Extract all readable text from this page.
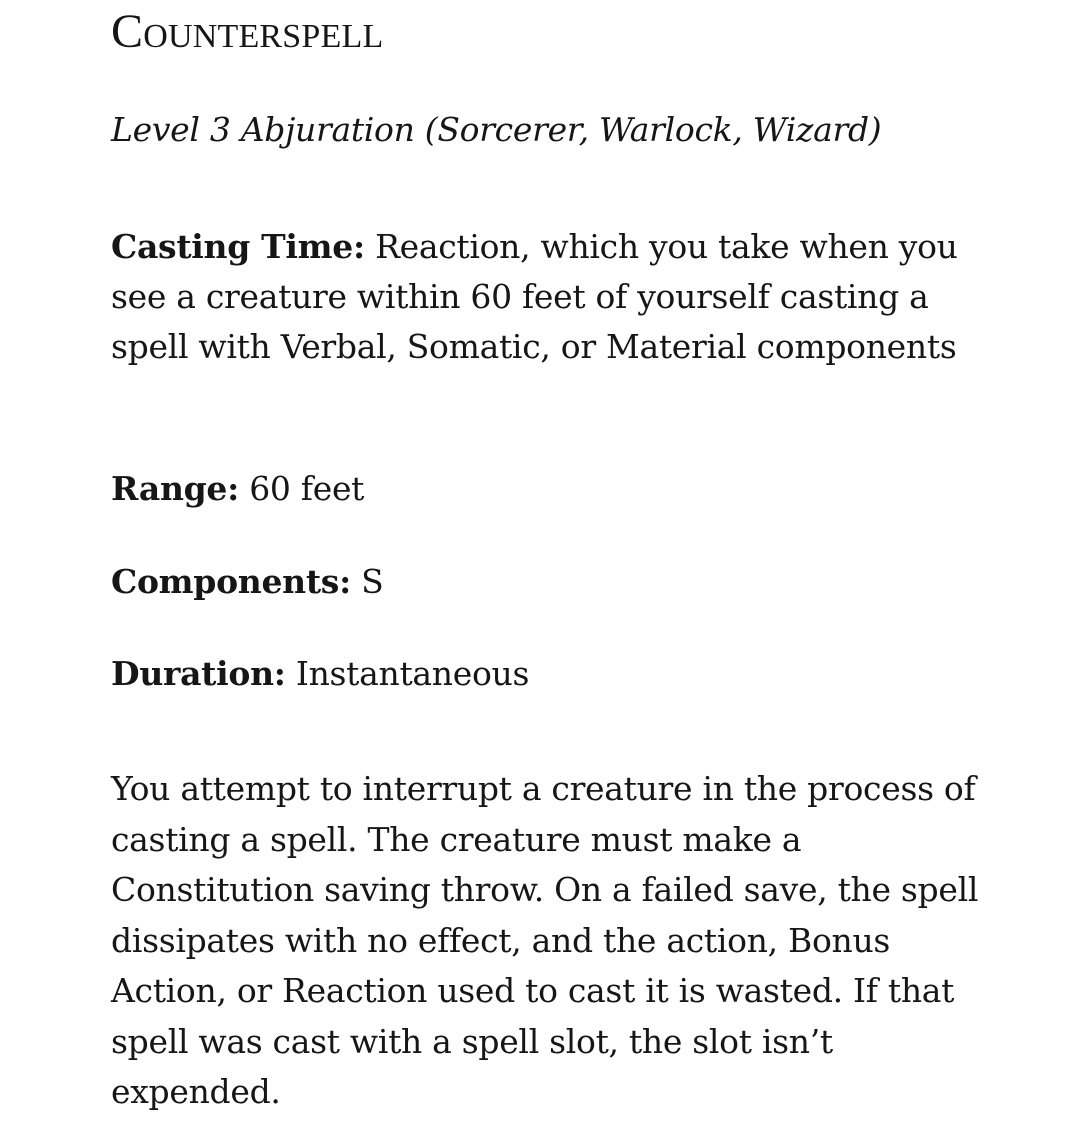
Counterspell

Level 3 Abjuration (Sorcerer, Warlock, Wizard)

Casting Time: Reaction, which you take when you see a creature within 60 feet of yourself casting a spell with Verbal, Somatic, or Material components

Range: 60 feet

Components: S

Duration: Instantaneous

You attempt to interrupt a creature in the process of casting a spell. The creature must make a Constitution saving throw. On a failed save, the spell dissipates with no effect, and the action, Bonus Action, or Reaction used to cast it is wasted. If that spell was cast with a spell slot, the slot isn’t expended.
